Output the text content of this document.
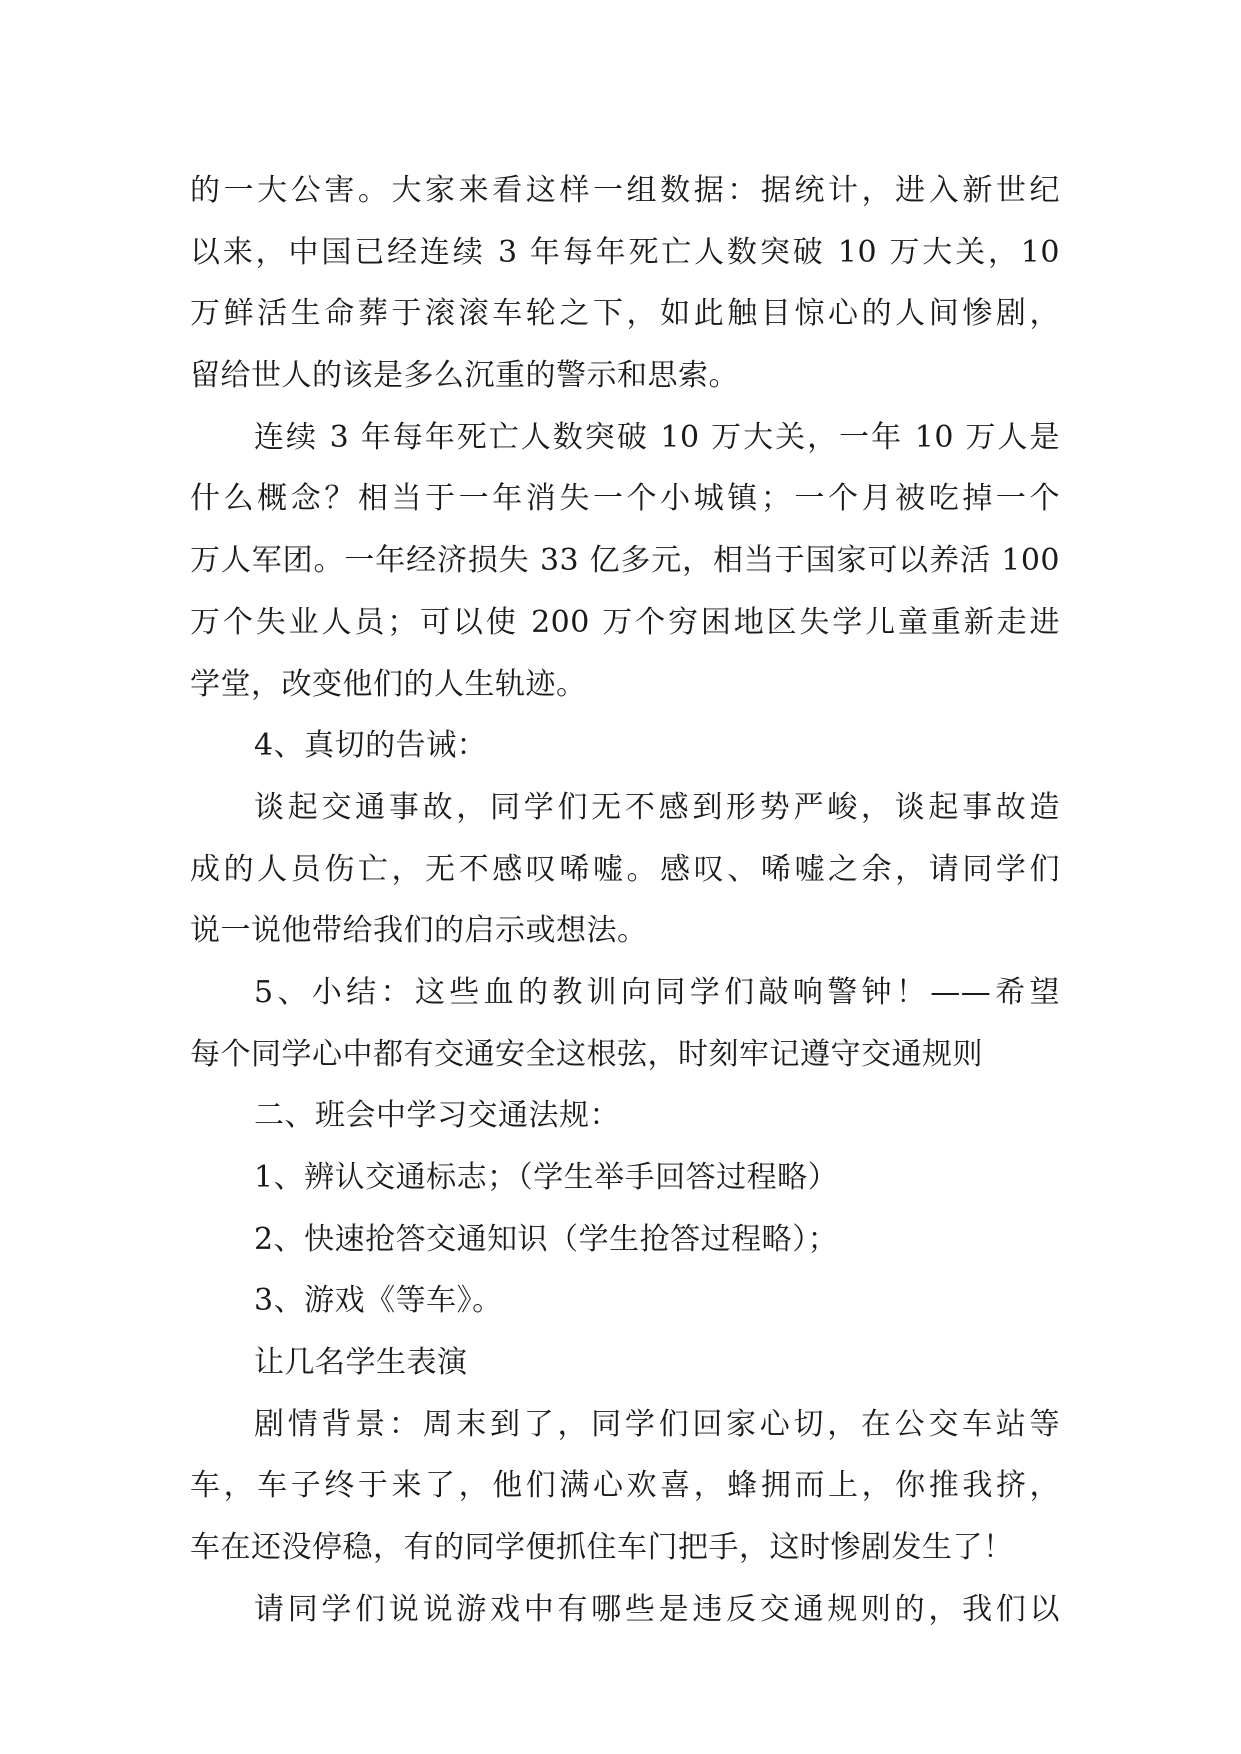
的一大公害。大家来看这样一组数据：据统计，进入新世纪
以来，中国已经连续 3 年每年死亡人数突破 10 万大关，10
万鲜活生命葬于滚滚车轮之下，如此触目惊心的人间惨剧，
留给世人的该是多么沉重的警示和思索。
连续 3 年每年死亡人数突破 10 万大关，一年 10 万人是
什么概念？相当于一年消失一个小城镇；一个月被吃掉一个
万人军团。一年经济损失 33 亿多元，相当于国家可以养活 100
万个失业人员；可以使 200 万个穷困地区失学儿童重新走进
学堂，改变他们的人生轨迹。
4、真切的告诫：
谈起交通事故，同学们无不感到形势严峻，谈起事故造
成的人员伤亡，无不感叹唏嘘。感叹、唏嘘之余，请同学们
说一说他带给我们的启示或想法。
5、小结：这些血的教训向同学们敲响警钟！——希望
每个同学心中都有交通安全这根弦，时刻牢记遵守交通规则
二、班会中学习交通法规：
1、辨认交通标志；（学生举手回答过程略）
2、快速抢答交通知识（学生抢答过程略）；
3、游戏《等车》。
让几名学生表演
剧情背景：周末到了，同学们回家心切，在公交车站等
车，车子终于来了，他们满心欢喜，蜂拥而上，你推我挤，
车在还没停稳，有的同学便抓住车门把手，这时惨剧发生了！
请同学们说说游戏中有哪些是违反交通规则的，我们以
